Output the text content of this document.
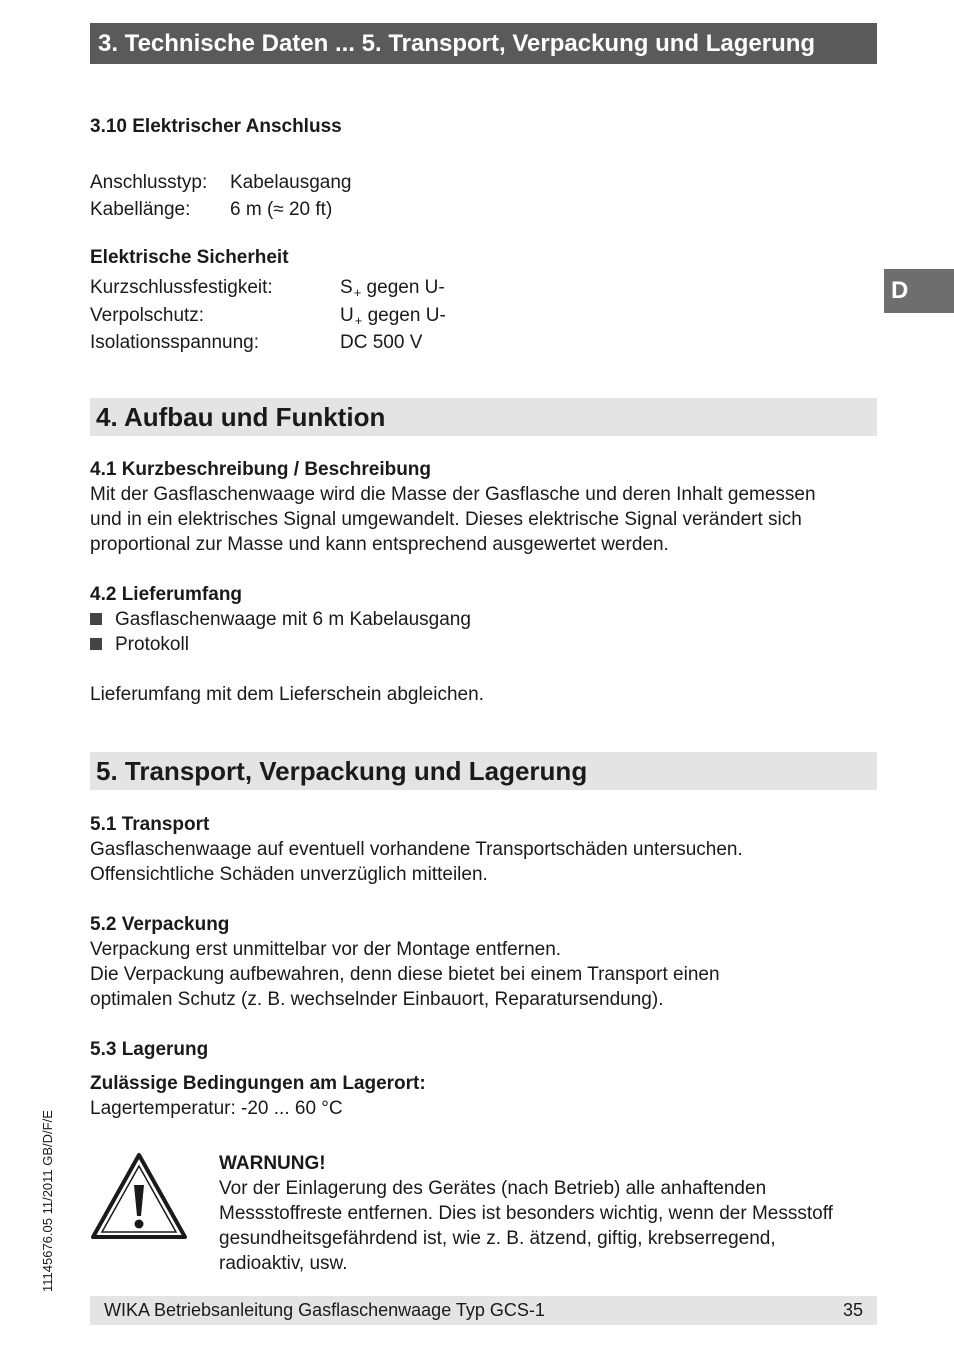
3. Technische Daten ... 5. Transport, Verpackung und Lagerung
D
3.10 Elektrischer Anschluss
Anschlusstyp: Kabelausgang
Kabellänge: 6 m (≈ 20 ft)
Elektrische Sicherheit
Kurzschlussfestigkeit:	$S_+$ gegen U-
Verpolschutz:	$U_+$ gegen U-
Isolationsspannung:	DC 500 V
4. Aufbau und Funktion
4.1 Kurzbeschreibung / Beschreibung
Mit der Gasflaschenwaage wird die Masse der Gasflasche und deren Inhalt gemessen
und in ein elektrisches Signal umgewandelt. Dieses elektrische Signal verändert sich
proportional zur Masse und kann entsprechend ausgewertet werden.
4.2 Lieferumfang
Gasflaschenwaage mit 6 m Kabelausgang
Protokoll
Lieferumfang mit dem Lieferschein abgleichen.
5. Transport, Verpackung und Lagerung
5.1 Transport
Gasflaschenwaage auf eventuell vorhandene Transportschäden untersuchen.
Offensichtliche Schäden unverzüglich mitteilen.
5.2 Verpackung
Verpackung erst unmittelbar vor der Montage entfernen.
Die Verpackung aufbewahren, denn diese bietet bei einem Transport einen
optimalen Schutz (z. B. wechselnder Einbauort, Reparatursendung).
5.3 Lagerung
Zulässige Bedingungen am Lagerort:
Lagertemperatur: -20 ... 60 °C
WARNUNG!
Vor der Einlagerung des Gerätes (nach Betrieb) alle anhaftenden
Messstoffreste entfernen. Dies ist besonders wichtig, wenn der Messstoff
gesundheitsgefährdend ist, wie z. B. ätzend, giftig, krebserregend,
radioaktiv, usw.
11145676.05 11/2011 GB/D/F/E
WIKA Betriebsanleitung Gasflaschenwaage Typ GCS-1	35
